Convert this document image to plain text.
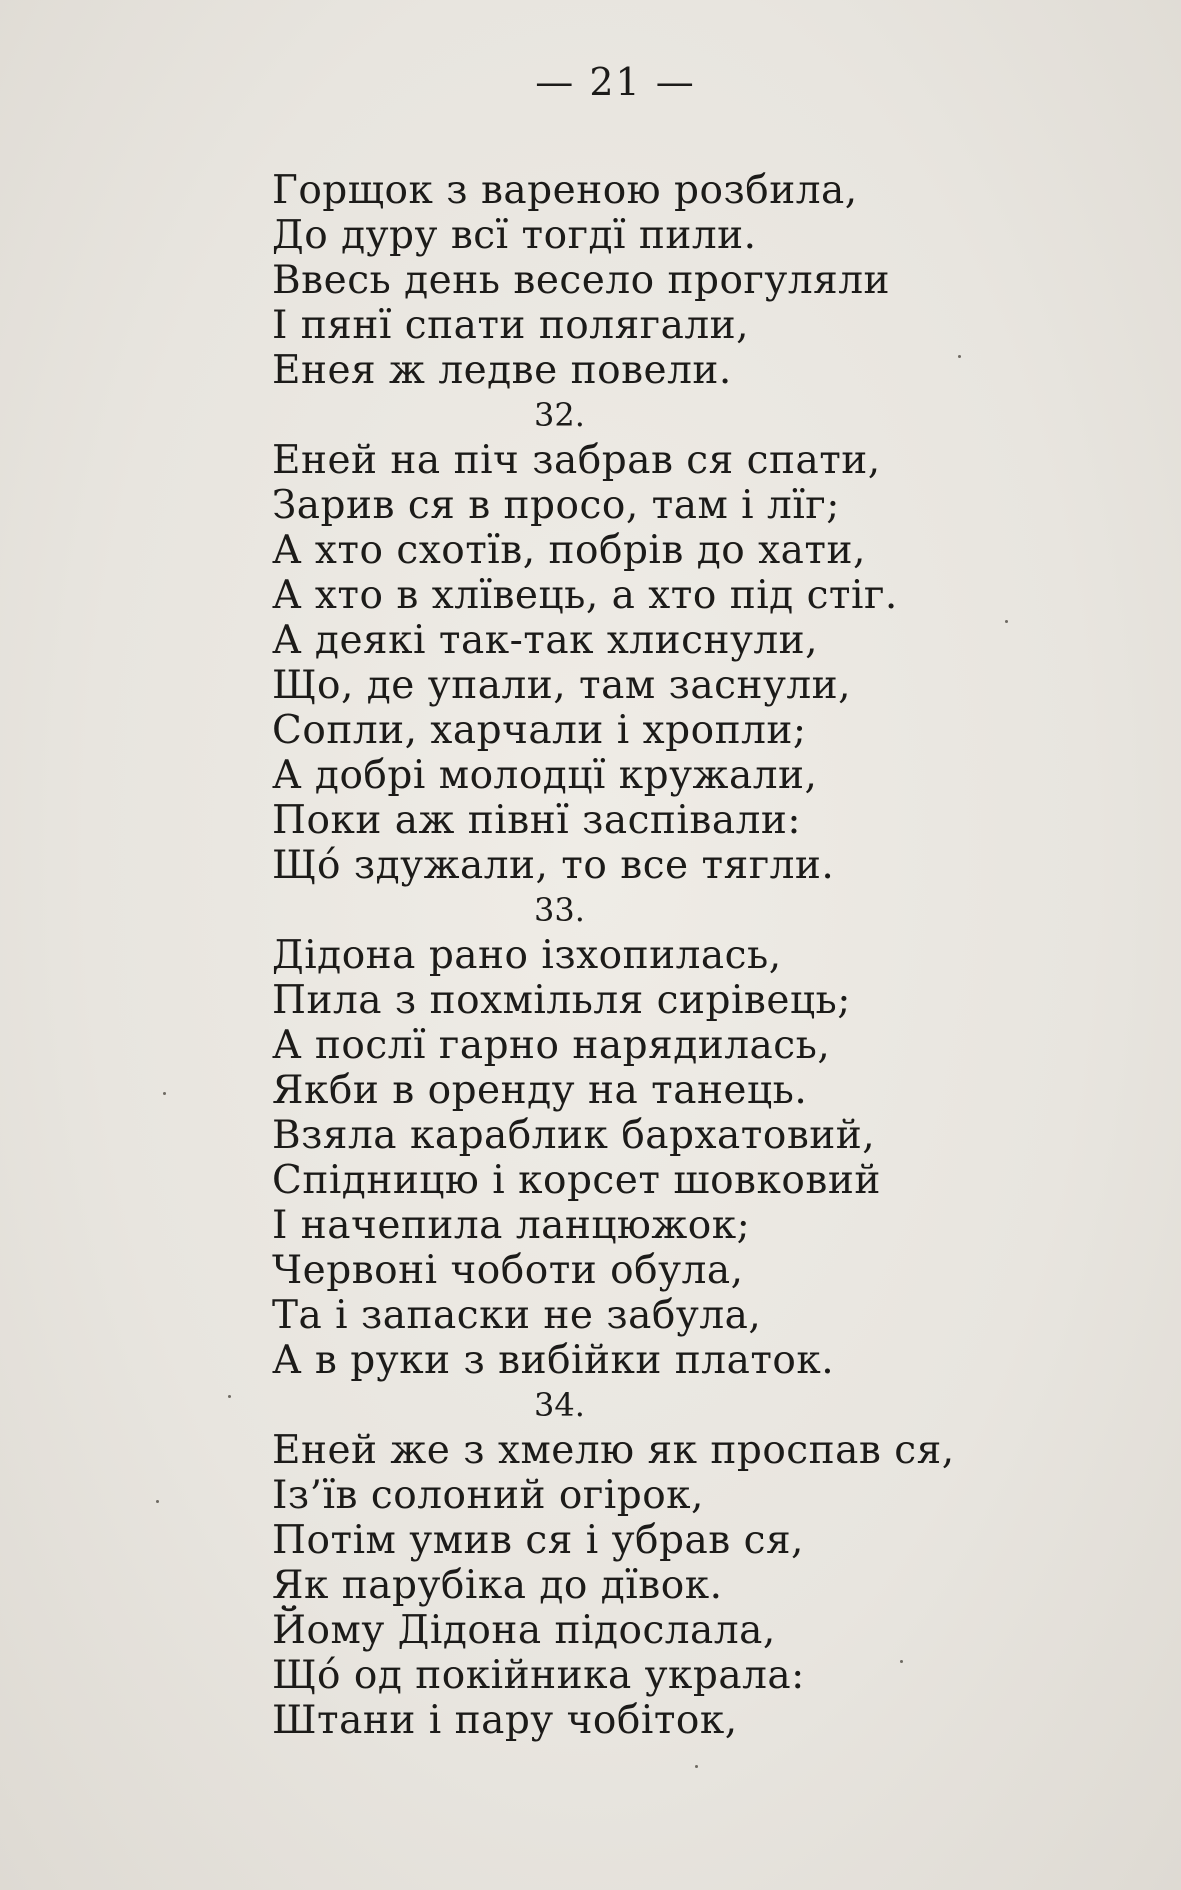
— 21 —
Горщок з вареною розбила,
До дуру всї тогдї пили.
Ввесь день весело прогуляли
І пянї спати полягали,
Енея ж ледве повели.
32.
Еней на піч забрав ся спати,
Зарив ся в просо, там і лїг;
А хто схотїв, побрів до хати,
А хто в хлївець, а хто під стіг.
А деякі так-так хлиснули,
Що, де упали, там заснули,
Сопли, харчали і хропли;
А добрі молодцї кружали,
Поки аж півнї заспівали:
Щó здужали, то все тягли.
33.
Дідона рано ізхопилась,
Пила з похмільля сирівець;
А послї гарно нарядилась,
Якби в оренду на танець.
Взяла караблик бархатовий,
Спідницю і корсет шовковий
І начепила ланцюжок;
Червоні чоботи обула,
Та і запаски не забула,
А в руки з вибійки платок.
34.
Еней же з хмелю як проспав ся,
Із’їв солоний огірок,
Потім умив ся і убрав ся,
Як парубіка до дївок.
Йому Дідона підослала,
Щó од покійника украла:
Штани і пару чобіток,
